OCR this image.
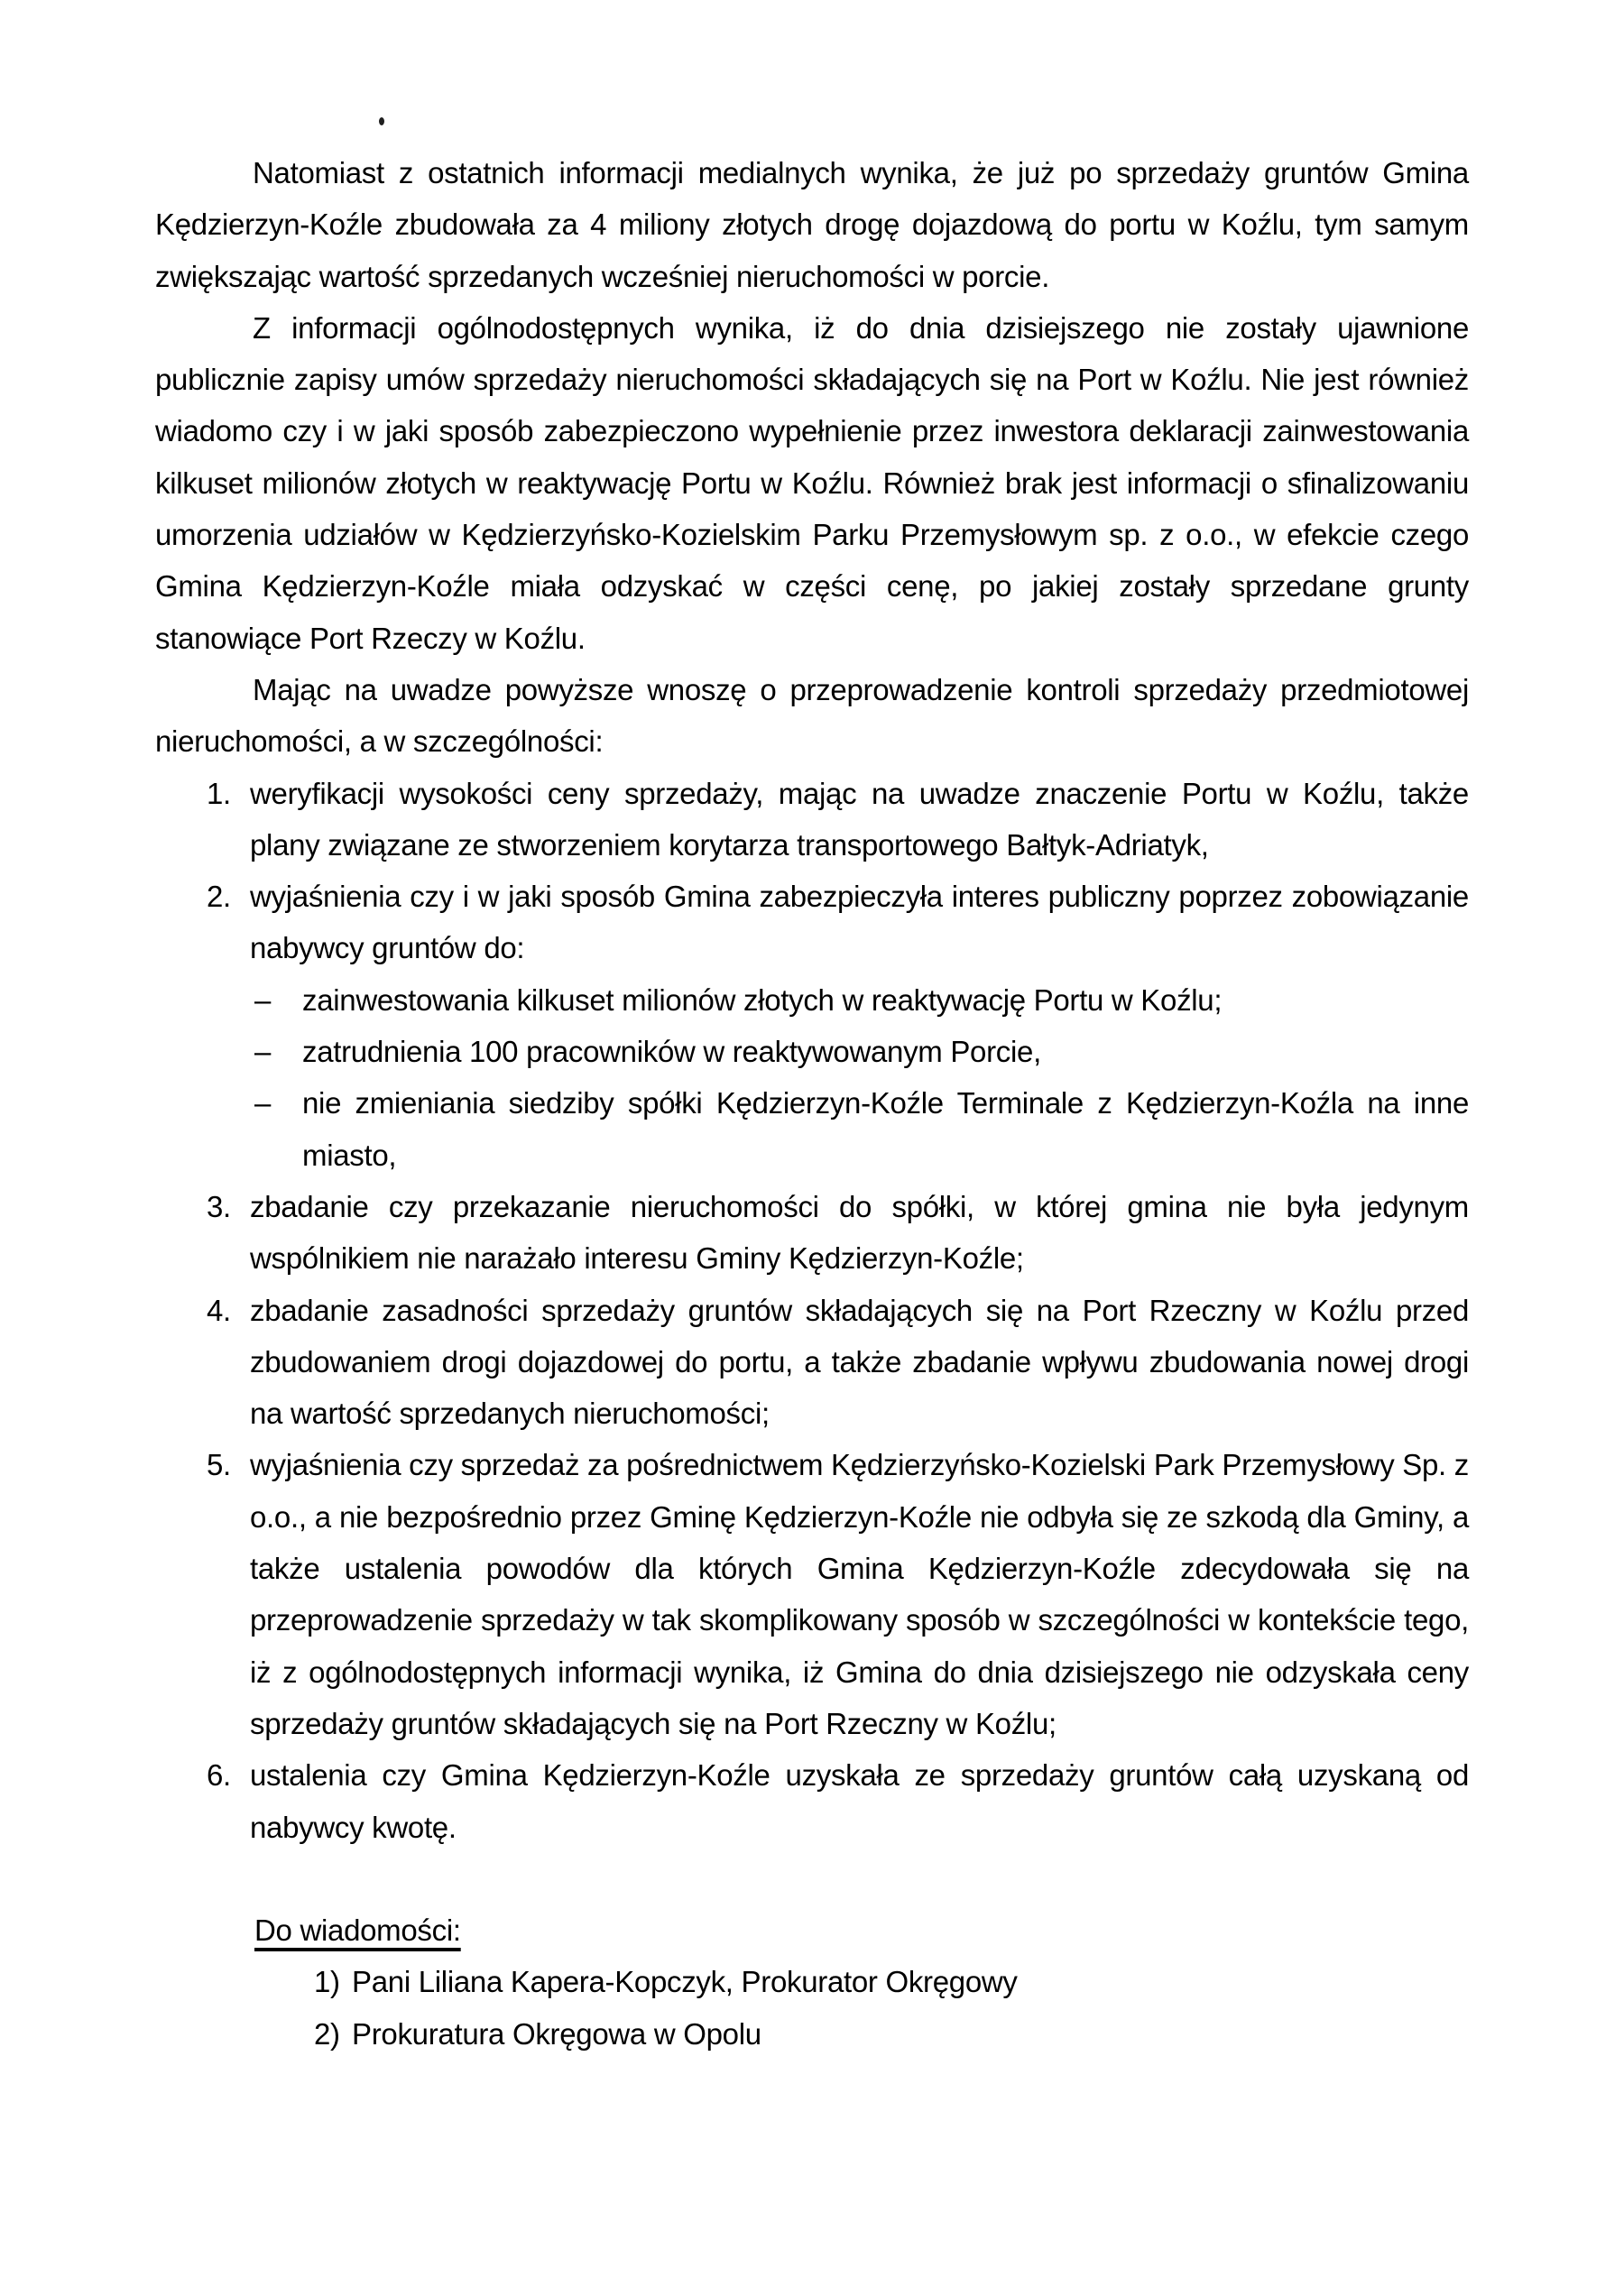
Natomiast z ostatnich informacji medialnych wynika, że już po sprzedaży gruntów Gmina Kędzierzyn-Koźle zbudowała za 4 miliony złotych drogę dojazdową do portu w Koźlu, tym samym zwiększając wartość sprzedanych wcześniej nieruchomości w porcie.

Z informacji ogólnodostępnych wynika, iż do dnia dzisiejszego nie zostały ujawnione publicznie zapisy umów sprzedaży nieruchomości składających się na Port w Koźlu. Nie jest również wiadomo czy i w jaki sposób zabezpieczono wypełnienie przez inwestora deklaracji zainwestowania kilkuset milionów złotych w reaktywację Portu w Koźlu. Również brak jest informacji o sfinalizowaniu umorzenia udziałów w Kędzierzyńsko-Kozielskim Parku Przemysłowym sp. z o.o., w efekcie czego Gmina Kędzierzyn-Koźle miała odzyskać w części cenę, po jakiej zostały sprzedane grunty stanowiące Port Rzeczy w Koźlu.

Mając na uwadze powyższe wnoszę o przeprowadzenie kontroli sprzedaży przedmiotowej nieruchomości, a w szczególności:

1. weryfikacji wysokości ceny sprzedaży, mając na uwadze znaczenie Portu w Koźlu, także plany związane ze stworzeniem korytarza transportowego Bałtyk-Adriatyk,
2. wyjaśnienia czy i w jaki sposób Gmina zabezpieczyła interes publiczny poprzez zobowiązanie nabywcy gruntów do:
– zainwestowania kilkuset milionów złotych w reaktywację Portu w Koźlu;
– zatrudnienia 100 pracowników w reaktywowanym Porcie,
– nie zmieniania siedziby spółki Kędzierzyn-Koźle Terminale z Kędzierzyn-Koźla na inne miasto,
3. zbadanie czy przekazanie nieruchomości do spółki, w której gmina nie była jedynym wspólnikiem nie narażało interesu Gminy Kędzierzyn-Koźle;
4. zbadanie zasadności sprzedaży gruntów składających się na Port Rzeczny w Koźlu przed zbudowaniem drogi dojazdowej do portu, a także zbadanie wpływu zbudowania nowej drogi na wartość sprzedanych nieruchomości;
5. wyjaśnienia czy sprzedaż za pośrednictwem Kędzierzyńsko-Kozielski Park Przemysłowy Sp. z o.o., a nie bezpośrednio przez Gminę Kędzierzyn-Koźle nie odbyła się ze szkodą dla Gminy, a także ustalenia powodów dla których Gmina Kędzierzyn-Koźle zdecydowała się na przeprowadzenie sprzedaży w tak skomplikowany sposób w szczególności w kontekście tego, iż z ogólnodostępnych informacji wynika, iż Gmina do dnia dzisiejszego nie odzyskała ceny sprzedaży gruntów składających się na Port Rzeczny w Koźlu;
6. ustalenia czy Gmina Kędzierzyn-Koźle uzyskała ze sprzedaży gruntów całą uzyskaną od nabywcy kwotę.
Do wiadomości:
1) Pani Liliana Kapera-Kopczyk, Prokurator Okręgowy
2) Prokuratura Okręgowa w Opolu
